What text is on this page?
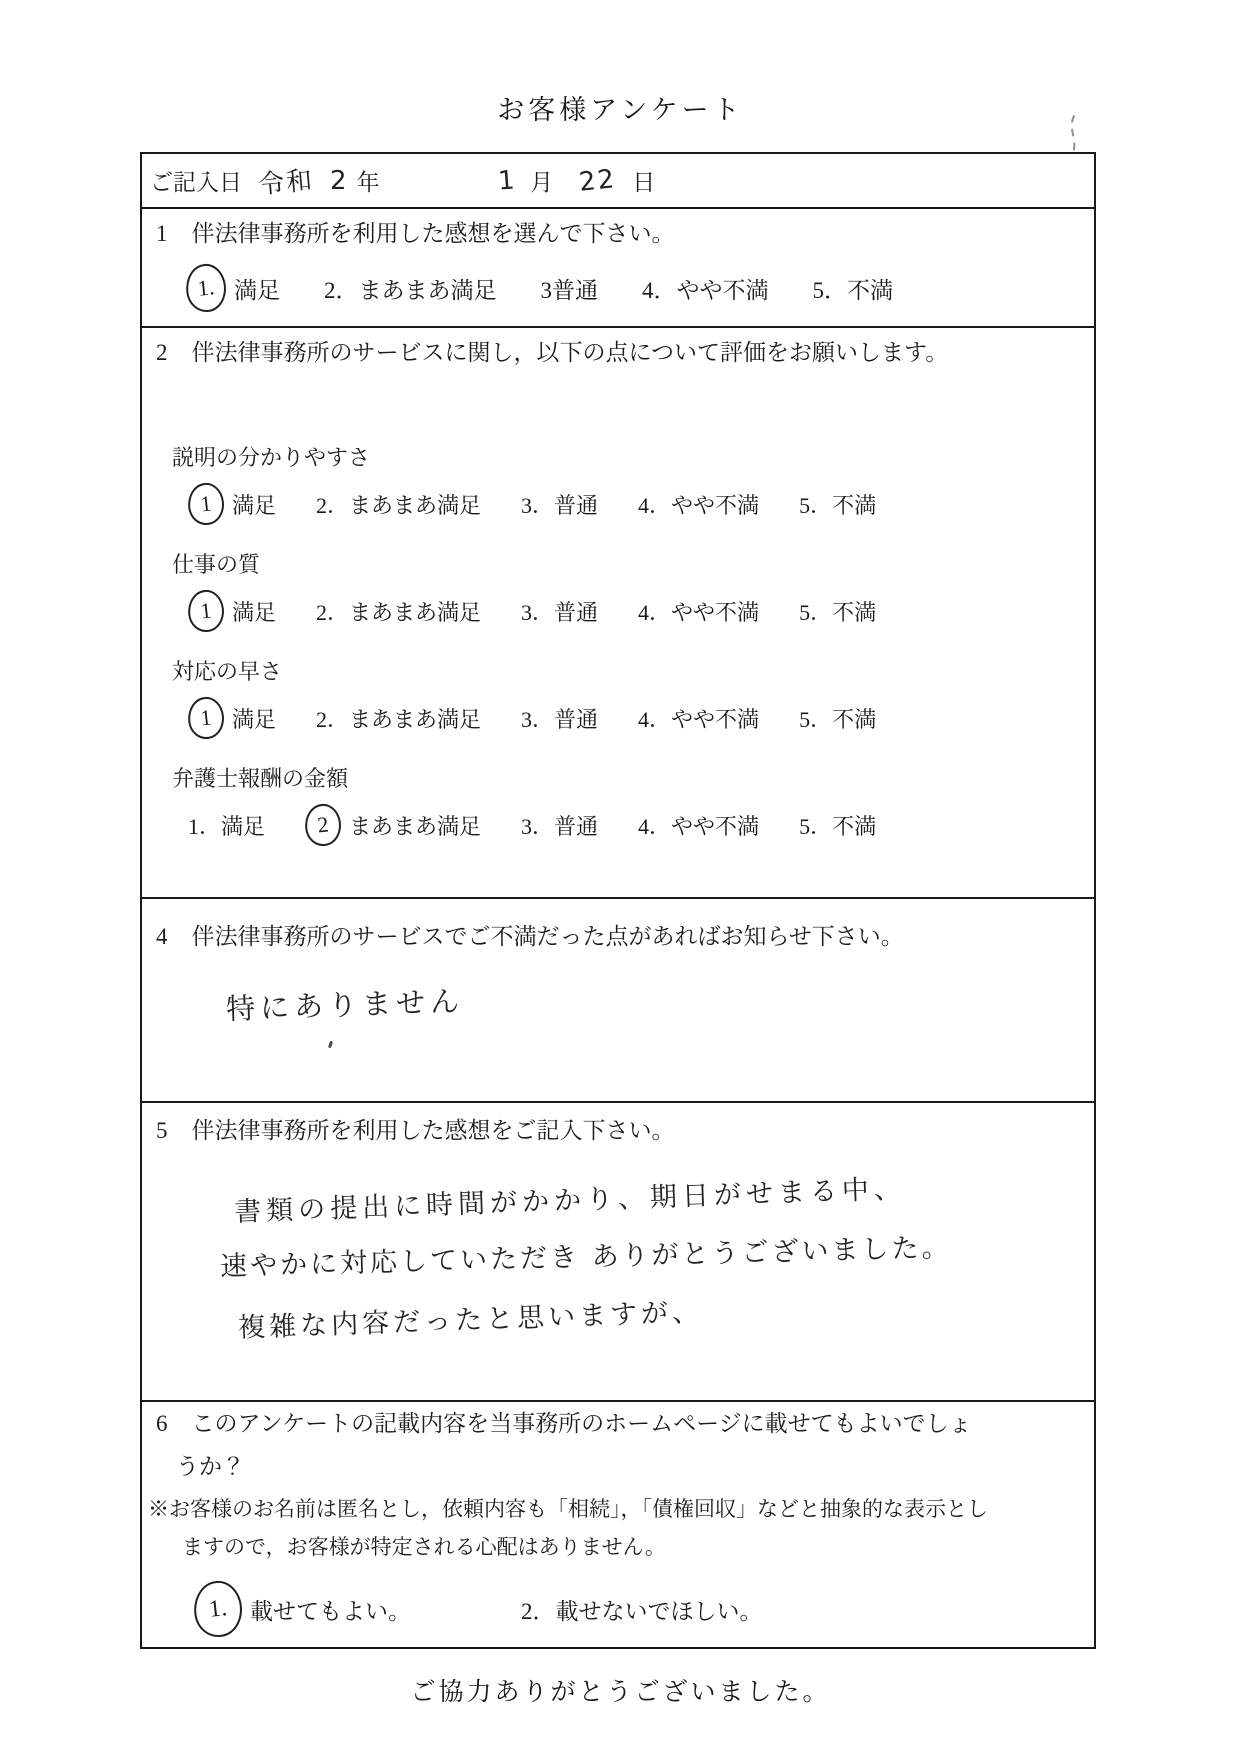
お客様アンケート
ご記入日 令和 2 年	1 月 22 日
1 伴法律事務所を利用した感想を選んで下さい。
1. 満足 2．まあまあ満足 3普通 4．やや不満 5．不満
2 伴法律事務所のサービスに関し，以下の点について評価をお願いします。
説明の分かりやすさ
1 満足 2．まあまあ満足 3．普通 4．やや不満 5．不満
仕事の質
1 満足 2．まあまあ満足 3．普通 4．やや不満 5．不満
対応の早さ
1 満足 2．まあまあ満足 3．普通 4．やや不満 5．不満
弁護士報酬の金額
1．満足	2 まあまあ満足 3．普通 4．やや不満 5．不満
4 伴法律事務所のサービスでご不満だった点があればお知らせ下さい。
特にありません
5 伴法律事務所を利用した感想をご記入下さい。
書類の提出に時間がかかり、期日がせまる中、
速やかに対応していただき ありがとうございました。
複雑な内容だったと思いますが、
6 このアンケートの記載内容を当事務所のホームページに載せてもよいでしょ
うか？
※お客様のお名前は匿名とし，依頼内容も「相続」，「債権回収」などと抽象的な表示とし
ますので，お客様が特定される心配はありません。
1. 載せてもよい。	2．載せないでほしい。
ご協力ありがとうございました。
